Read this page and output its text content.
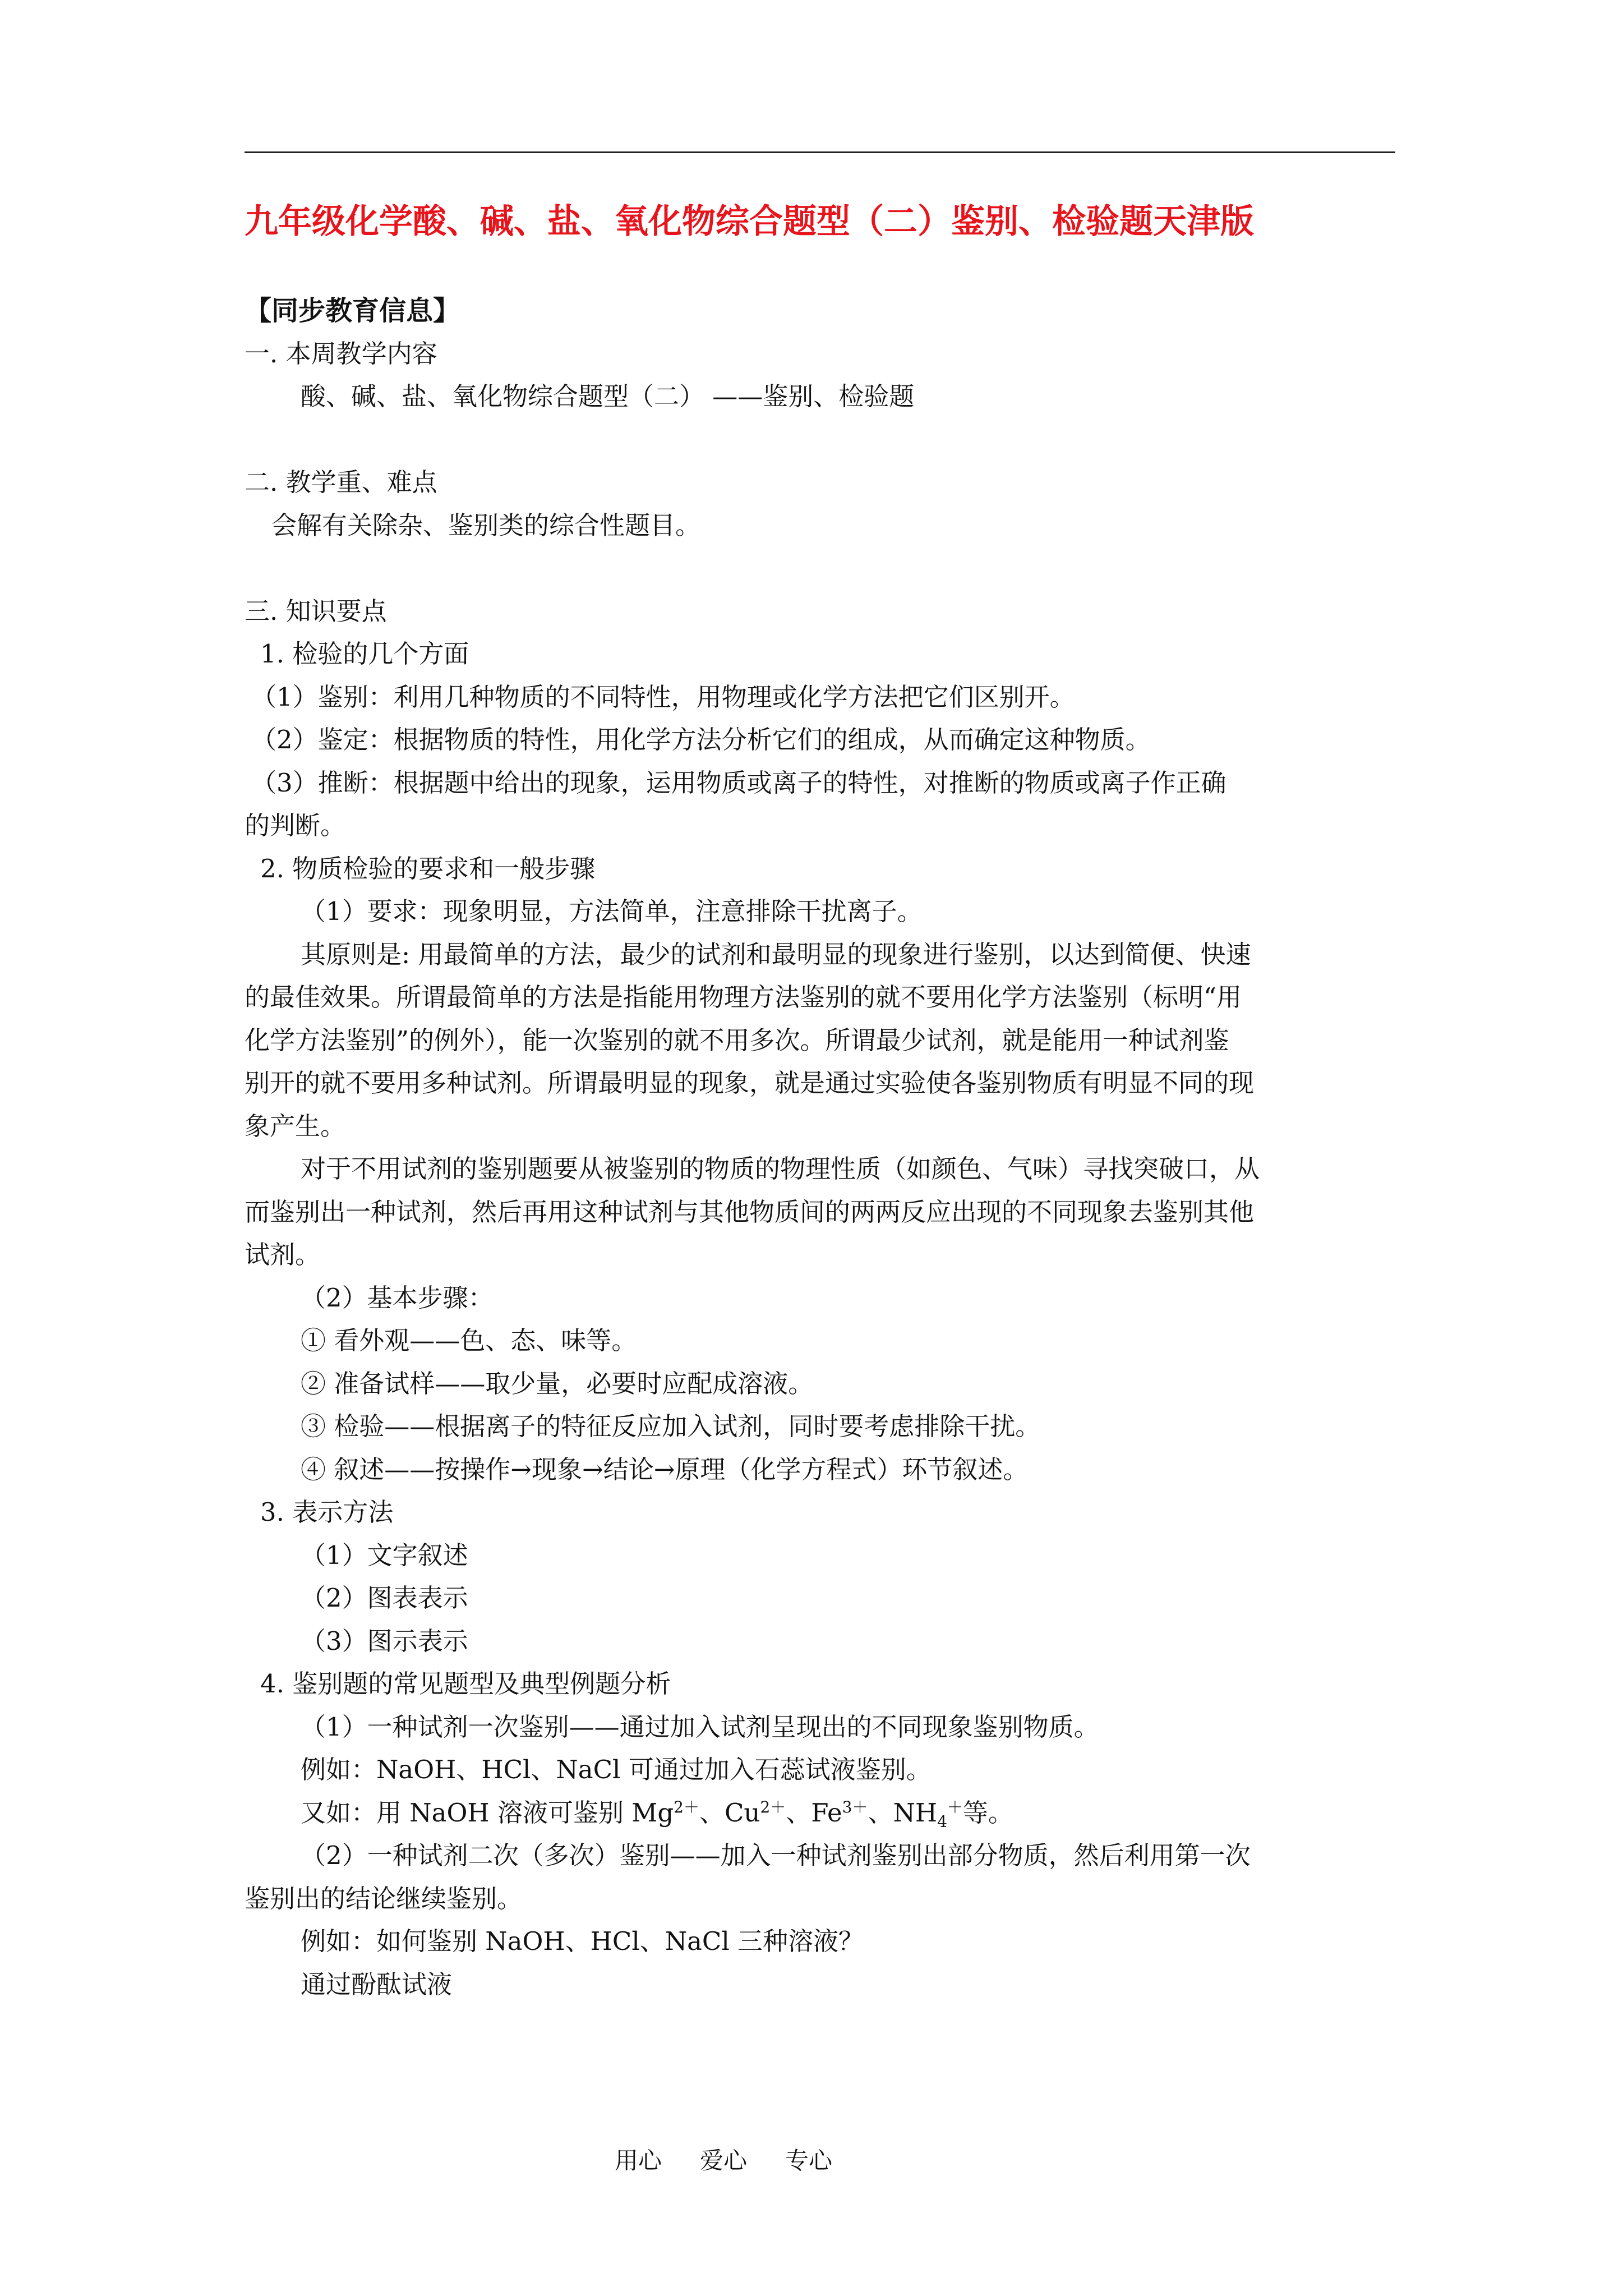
九年级化学酸、碱、盐、氧化物综合题型（二）鉴别、检验题天津版
【同步教育信息】
一. 本周教学内容
酸、碱、盐、氧化物综合题型（二） ——鉴别、检验题
二. 教学重、难点
会解有关除杂、鉴别类的综合性题目。
三. 知识要点
1. 检验的几个方面
（1）鉴别：利用几种物质的不同特性，用物理或化学方法把它们区别开。
（2）鉴定：根据物质的特性，用化学方法分析它们的组成，从而确定这种物质。
（3）推断：根据题中给出的现象，运用物质或离子的特性，对推断的物质或离子作正确
的判断。
2. 物质检验的要求和一般步骤
（1）要求：现象明显，方法简单，注意排除干扰离子。
其原则是: 用最简单的方法，最少的试剂和最明显的现象进行鉴别，以达到简便、快速
的最佳效果。所谓最简单的方法是指能用物理方法鉴别的就不要用化学方法鉴别（标明“用
化学方法鉴别”的例外），能一次鉴别的就不用多次。所谓最少试剂，就是能用一种试剂鉴
别开的就不要用多种试剂。所谓最明显的现象，就是通过实验使各鉴别物质有明显不同的现
象产生。
对于不用试剂的鉴别题要从被鉴别的物质的物理性质（如颜色、气味）寻找突破口，从
而鉴别出一种试剂，然后再用这种试剂与其他物质间的两两反应出现的不同现象去鉴别其他
试剂。
（2）基本步骤：
① 看外观——色、态、味等。
② 准备试样——取少量，必要时应配成溶液。
③ 检验——根据离子的特征反应加入试剂，同时要考虑排除干扰。
④ 叙述——按操作→现象→结论→原理（化学方程式）环节叙述。
3. 表示方法
（1）文字叙述
（2）图表表示
（3）图示表示
4. 鉴别题的常见题型及典型例题分析
（1）一种试剂一次鉴别——通过加入试剂呈现出的不同现象鉴别物质。
例如：NaOH、HCl、NaCl 可通过加入石蕊试液鉴别。
又如：用 NaOH 溶液可鉴别 $Mg^{2+}$、$Cu^{2+}$、$Fe^{3+}$、$NH_4^+$等。
（2）一种试剂二次（多次）鉴别——加入一种试剂鉴别出部分物质，然后利用第一次
鉴别出的结论继续鉴别。
例如：如何鉴别 NaOH、HCl、NaCl 三种溶液？
通过酚酞试液
用心 爱心 专心
